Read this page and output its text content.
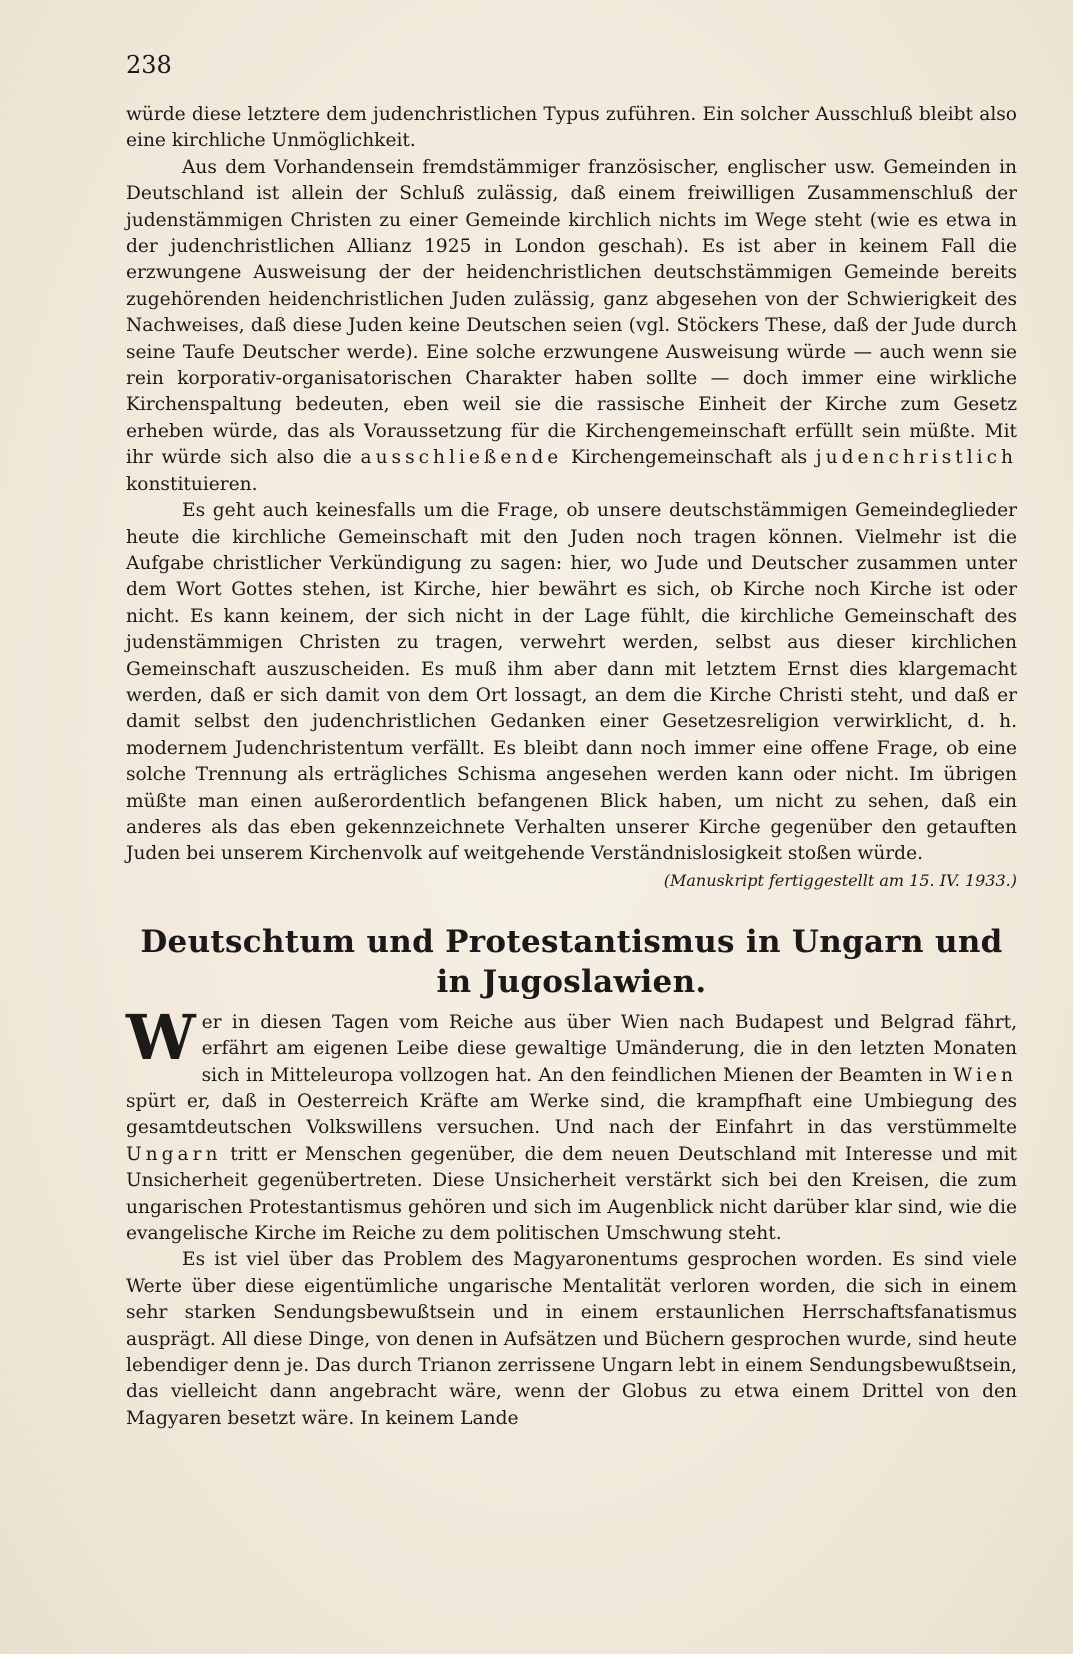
238

würde diese letztere dem judenchristlichen Typus zuführen. Ein solcher Ausschluß bleibt also eine kirchliche Unmöglichkeit.

Aus dem Vorhandensein fremdstämmiger französischer, englischer usw. Gemeinden in Deutschland ist allein der Schluß zulässig, daß einem freiwilligen Zusammenschluß der judenstämmigen Christen zu einer Gemeinde kirchlich nichts im Wege steht (wie es etwa in der judenchristlichen Allianz 1925 in London geschah). Es ist aber in keinem Fall die erzwungene Ausweisung der der heidenchristlichen deutschstämmigen Gemeinde bereits zugehörenden heidenchristlichen Juden zulässig, ganz abgesehen von der Schwierigkeit des Nachweises, daß diese Juden keine Deutschen seien (vgl. Stöckers These, daß der Jude durch seine Taufe Deutscher werde). Eine solche erzwungene Ausweisung würde — auch wenn sie rein korporativ-organisatorischen Charakter haben sollte — doch immer eine wirkliche Kirchenspaltung bedeuten, eben weil sie die rassische Einheit der Kirche zum Gesetz erheben würde, das als Voraussetzung für die Kirchengemeinschaft erfüllt sein müßte. Mit ihr würde sich also die ausschließende Kirchengemeinschaft als judenchristlich konstituieren.

Es geht auch keinesfalls um die Frage, ob unsere deutschstämmigen Gemeindeglieder heute die kirchliche Gemeinschaft mit den Juden noch tragen können. Vielmehr ist die Aufgabe christlicher Verkündigung zu sagen: hier, wo Jude und Deutscher zusammen unter dem Wort Gottes stehen, ist Kirche, hier bewährt es sich, ob Kirche noch Kirche ist oder nicht. Es kann keinem, der sich nicht in der Lage fühlt, die kirchliche Gemeinschaft des judenstämmigen Christen zu tragen, verwehrt werden, selbst aus dieser kirchlichen Gemeinschaft auszuscheiden. Es muß ihm aber dann mit letztem Ernst dies klargemacht werden, daß er sich damit von dem Ort lossagt, an dem die Kirche Christi steht, und daß er damit selbst den judenchristlichen Gedanken einer Gesetzesreligion verwirklicht, d. h. modernem Judenchristentum verfällt. Es bleibt dann noch immer eine offene Frage, ob eine solche Trennung als erträgliches Schisma angesehen werden kann oder nicht. Im übrigen müßte man einen außerordentlich befangenen Blick haben, um nicht zu sehen, daß ein anderes als das eben gekennzeichnete Verhalten unserer Kirche gegenüber den getauften Juden bei unserem Kirchenvolk auf weitgehende Verständnislosigkeit stoßen würde.

(Manuskript fertiggestellt am 15. IV. 1933.)

Deutschtum und Protestantismus in Ungarn und
in Jugoslawien.

Wer in diesen Tagen vom Reiche aus über Wien nach Budapest und Belgrad fährt, erfährt am eigenen Leibe diese gewaltige Umänderung, die in den letzten Monaten sich in Mitteleuropa vollzogen hat. An den feindlichen Mienen der Beamten in Wien spürt er, daß in Oesterreich Kräfte am Werke sind, die krampfhaft eine Umbiegung des gesamtdeutschen Volkswillens versuchen. Und nach der Einfahrt in das verstümmelte Ungarn tritt er Menschen gegenüber, die dem neuen Deutschland mit Interesse und mit Unsicherheit gegenübertreten. Diese Unsicherheit verstärkt sich bei den Kreisen, die zum ungarischen Protestantismus gehören und sich im Augenblick nicht darüber klar sind, wie die evangelische Kirche im Reiche zu dem politischen Umschwung steht.

Es ist viel über das Problem des Magyaronentums gesprochen worden. Es sind viele Werte über diese eigentümliche ungarische Mentalität verloren worden, die sich in einem sehr starken Sendungsbewußtsein und in einem erstaunlichen Herrschaftsfanatismus ausprägt. All diese Dinge, von denen in Aufsätzen und Büchern gesprochen wurde, sind heute lebendiger denn je. Das durch Trianon zerrissene Ungarn lebt in einem Sendungsbewußtsein, das vielleicht dann angebracht wäre, wenn der Globus zu etwa einem Drittel von den Magyaren besetzt wäre. In keinem Lande
